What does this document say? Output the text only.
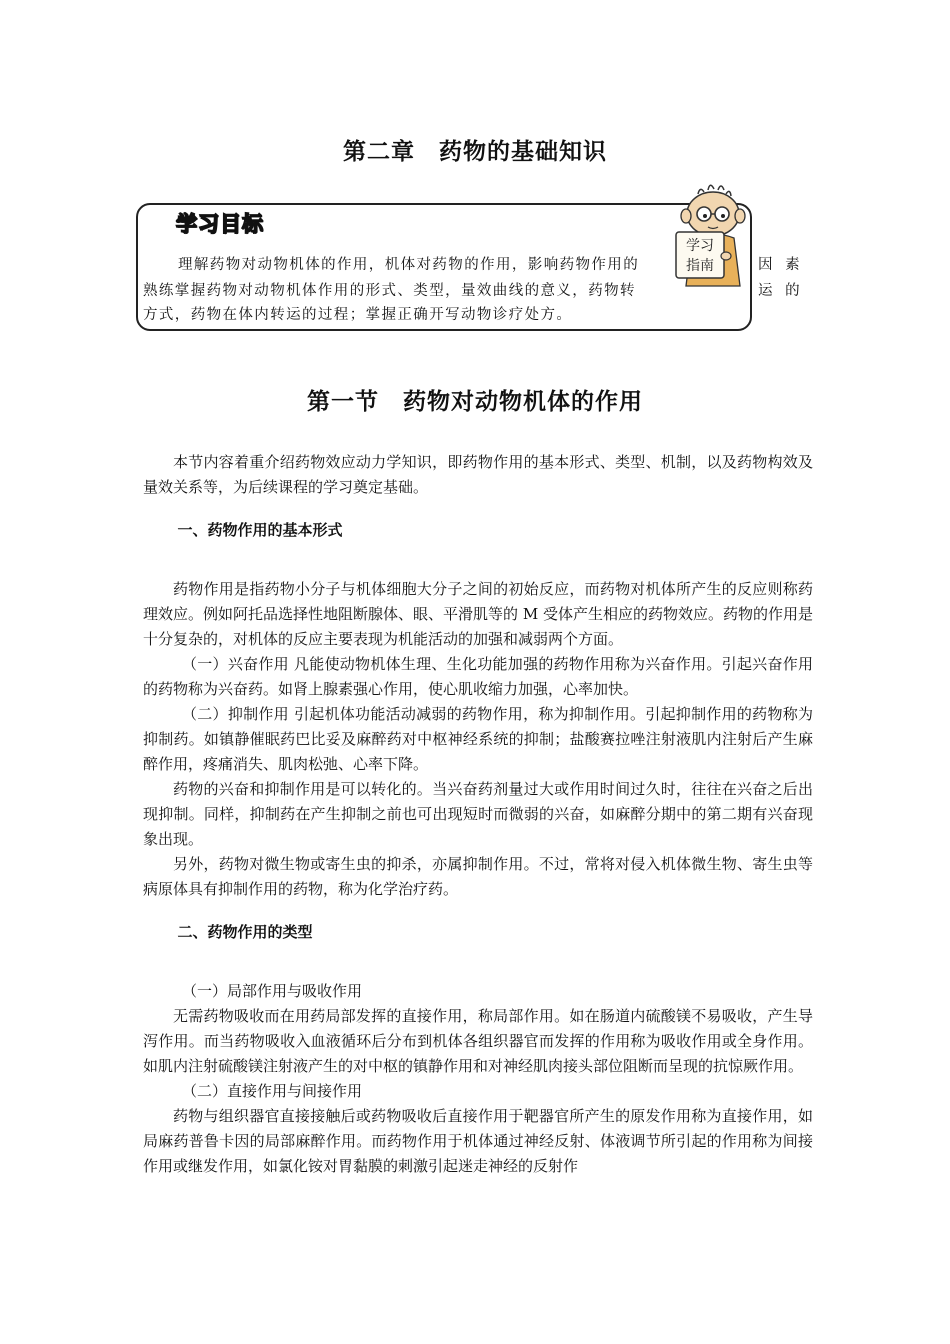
第二章　药物的基础知识
学习目标
理解药物对动物机体的作用，机体对药物的作用，影响药物作用的
熟练掌握药物对动物机体作用的形式、类型，量效曲线的意义，药物转
方式，药物在体内转运的过程；掌握正确开写动物诊疗处方。
因 素
运 的
学习
指南
第一节　药物对动物机体的作用

本节内容着重介绍药物效应动力学知识，即药物作用的基本形式、类型、机制，以及药物构效及量效关系等，为后续课程的学习奠定基础。

一、药物作用的基本形式

药物作用是指药物小分子与机体细胞大分子之间的初始反应，而药物对机体所产生的反应则称药理效应。例如阿托品选择性地阻断腺体、眼、平滑肌等的 M 受体产生相应的药物效应。药物的作用是十分复杂的，对机体的反应主要表现为机能活动的加强和减弱两个方面。

（一）兴奋作用 凡能使动物机体生理、生化功能加强的药物作用称为兴奋作用。引起兴奋作用的药物称为兴奋药。如肾上腺素强心作用，使心肌收缩力加强，心率加快。

（二）抑制作用 引起机体功能活动减弱的药物作用，称为抑制作用。引起抑制作用的药物称为抑制药。如镇静催眠药巴比妥及麻醉药对中枢神经系统的抑制；盐酸赛拉唑注射液肌内注射后产生麻醉作用，疼痛消失、肌肉松弛、心率下降。

药物的兴奋和抑制作用是可以转化的。当兴奋药剂量过大或作用时间过久时，往往在兴奋之后出现抑制。同样，抑制药在产生抑制之前也可出现短时而微弱的兴奋，如麻醉分期中的第二期有兴奋现象出现。

另外，药物对微生物或寄生虫的抑杀，亦属抑制作用。不过，常将对侵入机体微生物、寄生虫等病原体具有抑制作用的药物，称为化学治疗药。

二、药物作用的类型

（一）局部作用与吸收作用

无需药物吸收而在用药局部发挥的直接作用，称局部作用。如在肠道内硫酸镁不易吸收，产生导泻作用。而当药物吸收入血液循环后分布到机体各组织器官而发挥的作用称为吸收作用或全身作用。如肌内注射硫酸镁注射液产生的对中枢的镇静作用和对神经肌肉接头部位阻断而呈现的抗惊厥作用。

（二）直接作用与间接作用

药物与组织器官直接接触后或药物吸收后直接作用于靶器官所产生的原发作用称为直接作用，如局麻药普鲁卡因的局部麻醉作用。而药物作用于机体通过神经反射、体液调节所引起的作用称为间接作用或继发作用，如氯化铵对胃黏膜的刺激引起迷走神经的反射作
